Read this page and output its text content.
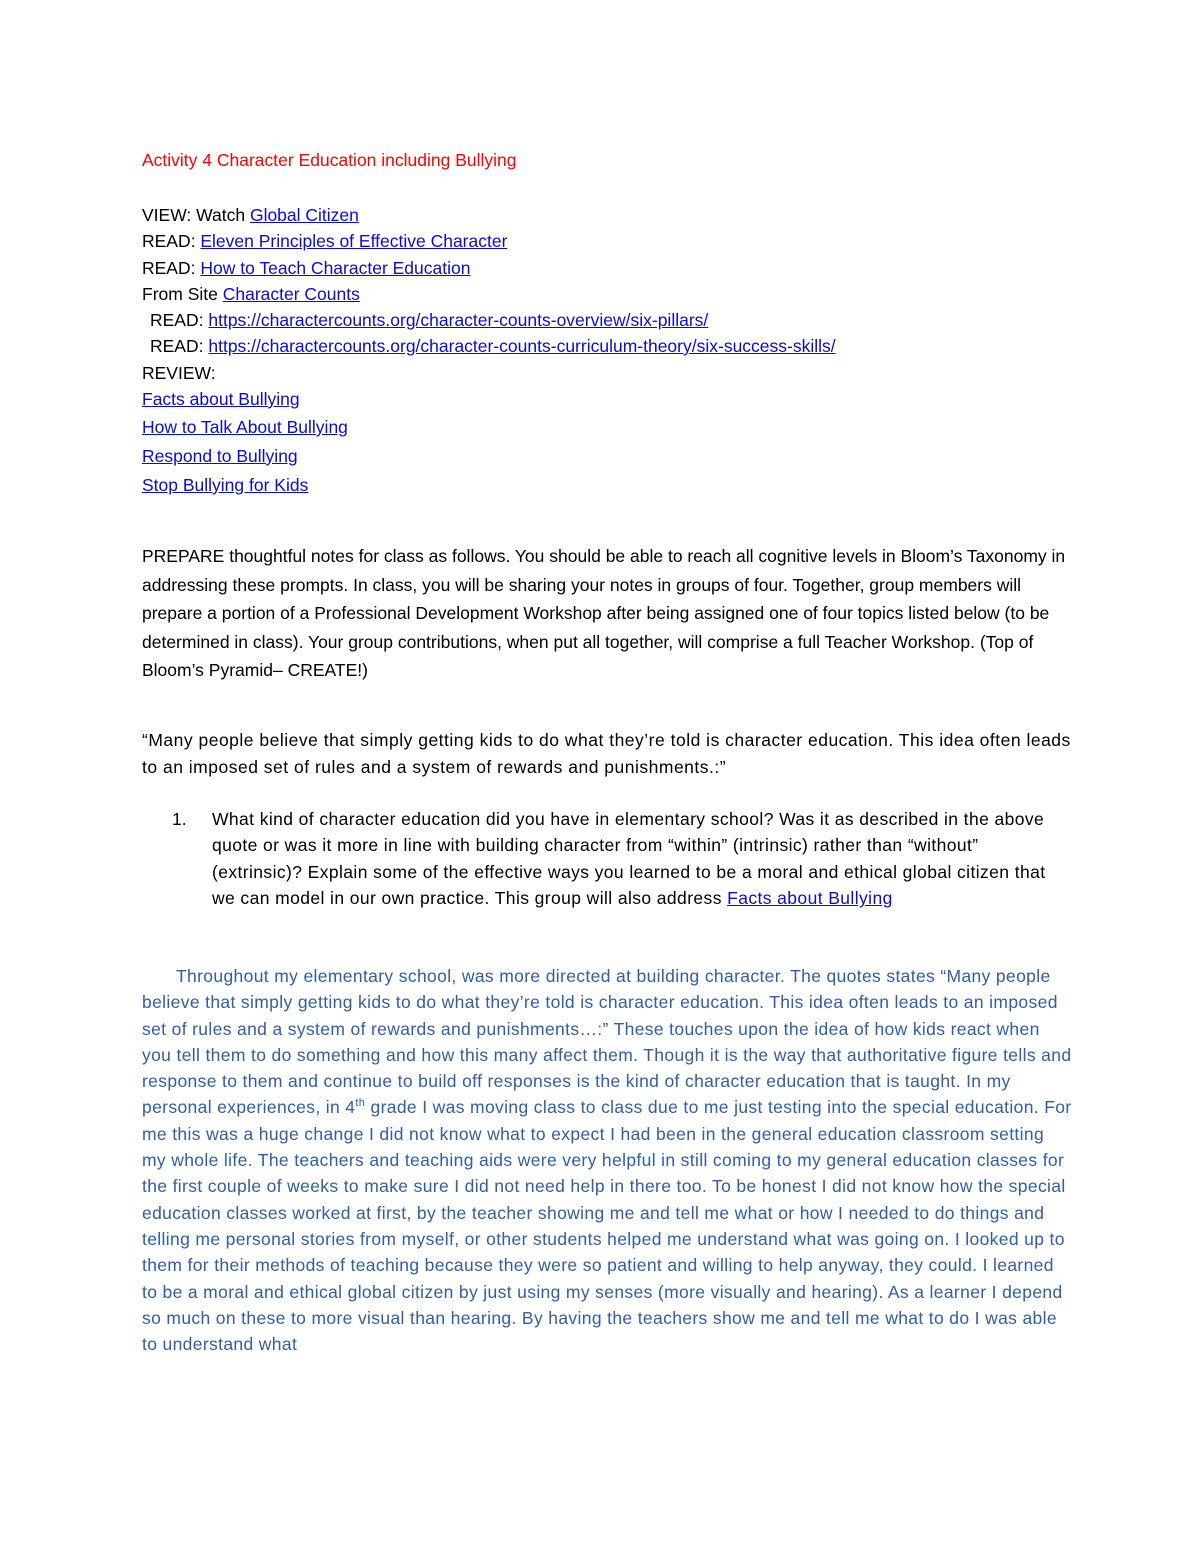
Activity 4 Character Education including Bullying
VIEW: Watch Global Citizen
READ: Eleven Principles of Effective Character
READ: How to Teach Character Education
From Site Character Counts
READ: https://charactercounts.org/character-counts-overview/six-pillars/
READ: https://charactercounts.org/character-counts-curriculum-theory/six-success-skills/
REVIEW:
Facts about Bullying
How to Talk About Bullying
Respond to Bullying
Stop Bullying for Kids
PREPARE thoughtful notes for class as follows. You should be able to reach all cognitive levels in Bloom’s Taxonomy in addressing these prompts. In class, you will be sharing your notes in groups of four. Together, group members will prepare a portion of a Professional Development Workshop after being assigned one of four topics listed below (to be determined in class). Your group contributions, when put all together, will comprise a full Teacher Workshop. (Top of Bloom’s Pyramid– CREATE!)
“Many people believe that simply getting kids to do what they’re told is character education. This idea often leads to an imposed set of rules and a system of rewards and punishments.:”
1. What kind of character education did you have in elementary school? Was it as described in the above quote or was it more in line with building character from “within” (intrinsic) rather than “without” (extrinsic)? Explain some of the effective ways you learned to be a moral and ethical global citizen that we can model in our own practice. This group will also address Facts about Bullying
Throughout my elementary school, was more directed at building character. The quotes states “Many people believe that simply getting kids to do what they’re told is character education. This idea often leads to an imposed set of rules and a system of rewards and punishments…:” These touches upon the idea of how kids react when you tell them to do something and how this many affect them. Though it is the way that authoritative figure tells and response to them and continue to build off responses is the kind of character education that is taught. In my personal experiences, in 4th grade I was moving class to class due to me just testing into the special education. For me this was a huge change I did not know what to expect I had been in the general education classroom setting my whole life. The teachers and teaching aids were very helpful in still coming to my general education classes for the first couple of weeks to make sure I did not need help in there too. To be honest I did not know how the special education classes worked at first, by the teacher showing me and tell me what or how I needed to do things and telling me personal stories from myself, or other students helped me understand what was going on. I looked up to them for their methods of teaching because they were so patient and willing to help anyway, they could. I learned to be a moral and ethical global citizen by just using my senses (more visually and hearing). As a learner I depend so much on these to more visual than hearing. By having the teachers show me and tell me what to do I was able to understand what
